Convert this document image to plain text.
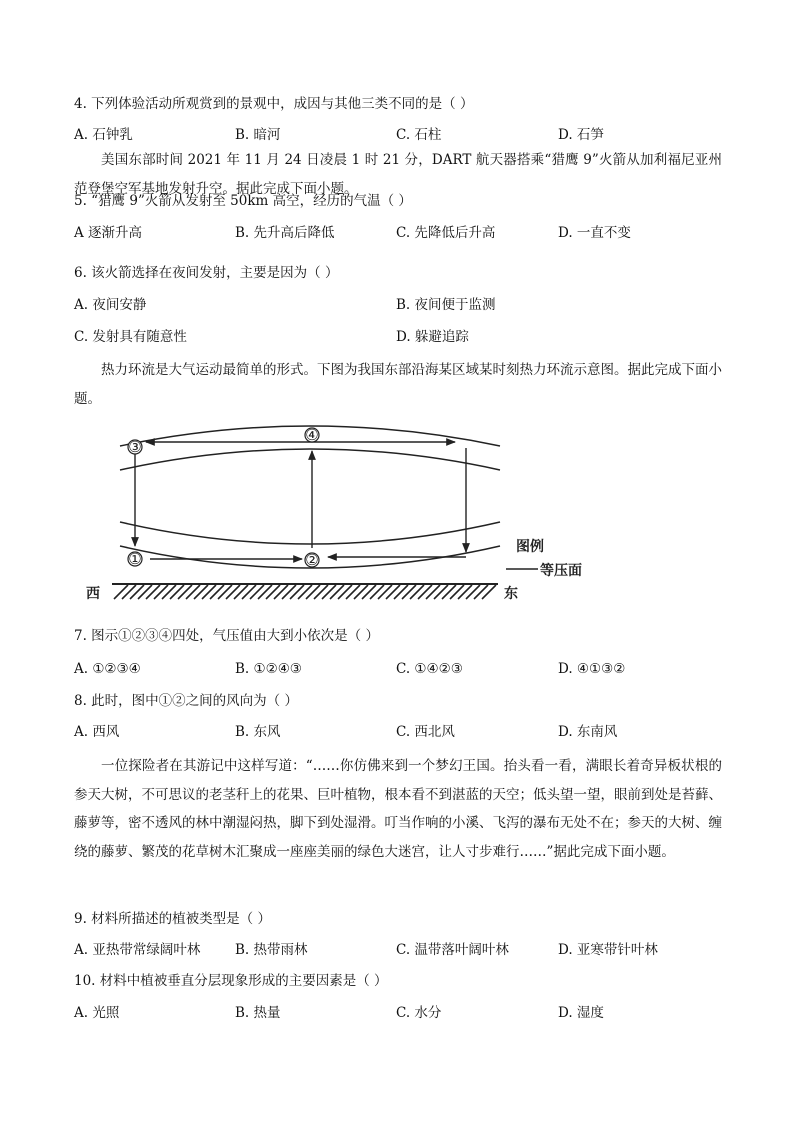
4. 下列体验活动所观赏到的景观中，成因与其他三类不同的是（ ）
A. 石钟乳	B. 暗河	C. 石柱	D. 石笋
美国东部时间 2021 年 11 月 24 日凌晨 1 时 21 分，DART 航天器搭乘“猎鹰 9”火箭从加利福尼亚州范登堡空军基地发射升空。据此完成下面小题。
5. “猎鹰 9”火箭从发射至 50km 高空，经历的气温（ ）
A 逐渐升高	B. 先升高后降低	C. 先降低后升高	D. 一直不变
6. 该火箭选择在夜间发射，主要是因为（ ）
A. 夜间安静	B. 夜间便于监测
C. 发射具有随意性	D. 躲避追踪
热力环流是大气运动最简单的形式。下图为我国东部沿海某区域某时刻热力环流示意图。据此完成下面小题。
③
④
①	②
西	东
图例
等压面
7. 图示①②③④四处，气压值由大到小依次是（ ）
A. ①②③④	B. ①②④③	C. ①④②③	D. ④①③②
8. 此时，图中①②之间的风向为（ ）
A. 西风	B. 东风	C. 西北风	D. 东南风
一位探险者在其游记中这样写道：“……你仿佛来到一个梦幻王国。抬头看一看，满眼长着奇异板状根的参天大树，不可思议的老茎秆上的花果、巨叶植物，根本看不到湛蓝的天空；低头望一望，眼前到处是苔藓、藤萝等，密不透风的林中潮湿闷热，脚下到处湿滑。叮当作响的小溪、飞泻的瀑布无处不在；参天的大树、缠绕的藤萝、繁茂的花草树木汇聚成一座座美丽的绿色大迷宫，让人寸步难行……”据此完成下面小题。
9. 材料所描述的植被类型是（ ）
A. 亚热带常绿阔叶林	B. 热带雨林	C. 温带落叶阔叶林	D. 亚寒带针叶林
10. 材料中植被垂直分层现象形成的主要因素是（ ）
A. 光照	B. 热量	C. 水分	D. 湿度
